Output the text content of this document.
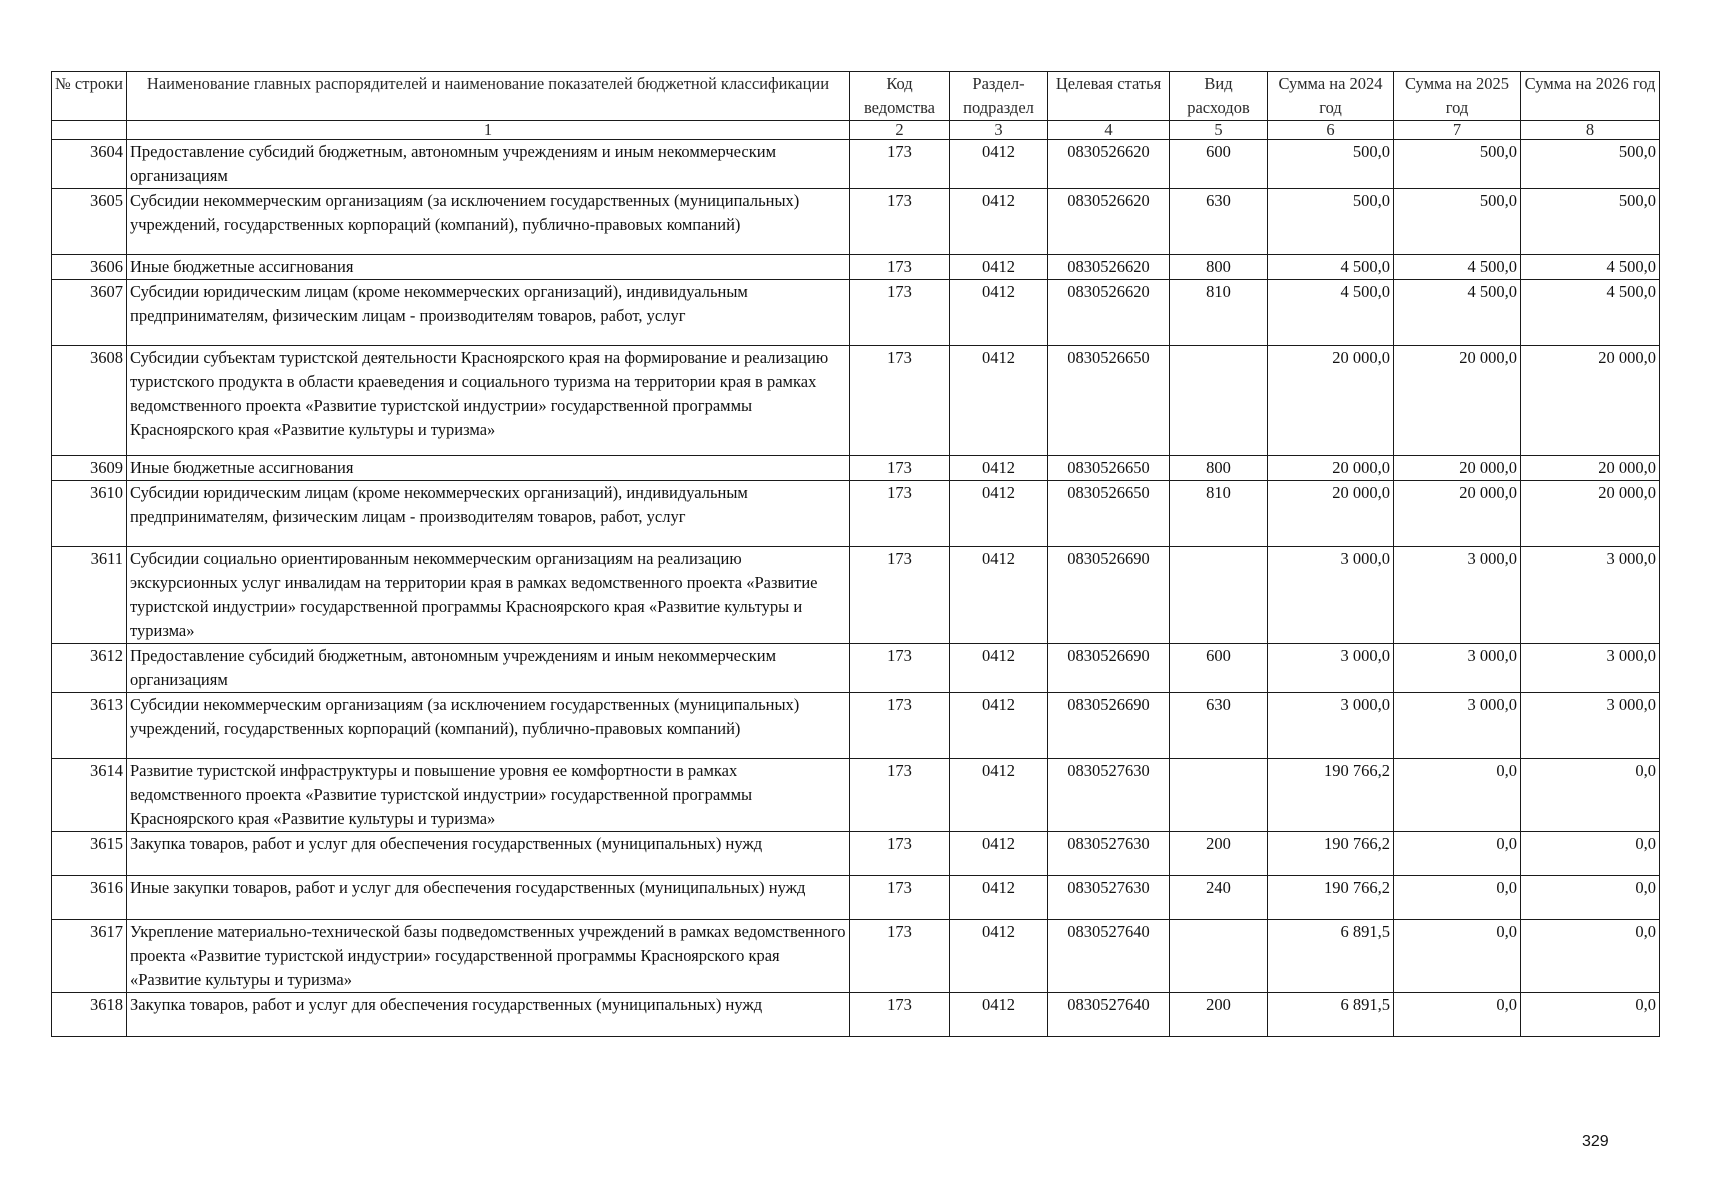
№ строки	Наименование главных распорядителей и наименование показателей бюджетной классификации	Код ведомства	Раздел-подраздел	Целевая статья	Вид расходов	Сумма на 2024 год	Сумма на 2025 год	Сумма на 2026 год
	1	2	3	4	5	6	7	8
3604	Предоставление субсидий бюджетным, автономным учреждениям и иным некоммерческим организациям	173	0412	0830526620	600	500,0	500,0	500,0
3605	Субсидии некоммерческим организациям (за исключением государственных (муниципальных) учреждений, государственных корпораций (компаний), публично-правовых компаний)	173	0412	0830526620	630	500,0	500,0	500,0
3606	Иные бюджетные ассигнования	173	0412	0830526620	800	4 500,0	4 500,0	4 500,0
3607	Субсидии юридическим лицам (кроме некоммерческих организаций), индивидуальным предпринимателям, физическим лицам - производителям товаров, работ, услуг	173	0412	0830526620	810	4 500,0	4 500,0	4 500,0
3608	Субсидии субъектам туристской деятельности Красноярского края на формирование и реализацию туристского продукта в области краеведения и социального туризма на территории края в рамках ведомственного проекта «Развитие туристской индустрии» государственной программы Красноярского края «Развитие культуры и туризма»	173	0412	0830526650		20 000,0	20 000,0	20 000,0
3609	Иные бюджетные ассигнования	173	0412	0830526650	800	20 000,0	20 000,0	20 000,0
3610	Субсидии юридическим лицам (кроме некоммерческих организаций), индивидуальным предпринимателям, физическим лицам - производителям товаров, работ, услуг	173	0412	0830526650	810	20 000,0	20 000,0	20 000,0
3611	Субсидии социально ориентированным некоммерческим организациям на реализацию экскурсионных услуг инвалидам на территории края в рамках ведомственного проекта «Развитие туристской индустрии» государственной программы Красноярского края «Развитие культуры и туризма»	173	0412	0830526690		3 000,0	3 000,0	3 000,0
3612	Предоставление субсидий бюджетным, автономным учреждениям и иным некоммерческим организациям	173	0412	0830526690	600	3 000,0	3 000,0	3 000,0
3613	Субсидии некоммерческим организациям (за исключением государственных (муниципальных) учреждений, государственных корпораций (компаний), публично-правовых компаний)	173	0412	0830526690	630	3 000,0	3 000,0	3 000,0
3614	Развитие туристской инфраструктуры и повышение уровня ее комфортности в рамках ведомственного проекта «Развитие туристской индустрии» государственной программы Красноярского края «Развитие культуры и туризма»	173	0412	0830527630		190 766,2	0,0	0,0
3615	Закупка товаров, работ и услуг для обеспечения государственных (муниципальных) нужд	173	0412	0830527630	200	190 766,2	0,0	0,0
3616	Иные закупки товаров, работ и услуг для обеспечения государственных (муниципальных) нужд	173	0412	0830527630	240	190 766,2	0,0	0,0
3617	Укрепление материально-технической базы подведомственных учреждений в рамках ведомственного проекта «Развитие туристской индустрии» государственной программы Красноярского края «Развитие культуры и туризма»	173	0412	0830527640		6 891,5	0,0	0,0
3618	Закупка товаров, работ и услуг для обеспечения государственных (муниципальных) нужд	173	0412	0830527640	200	6 891,5	0,0	0,0
329
